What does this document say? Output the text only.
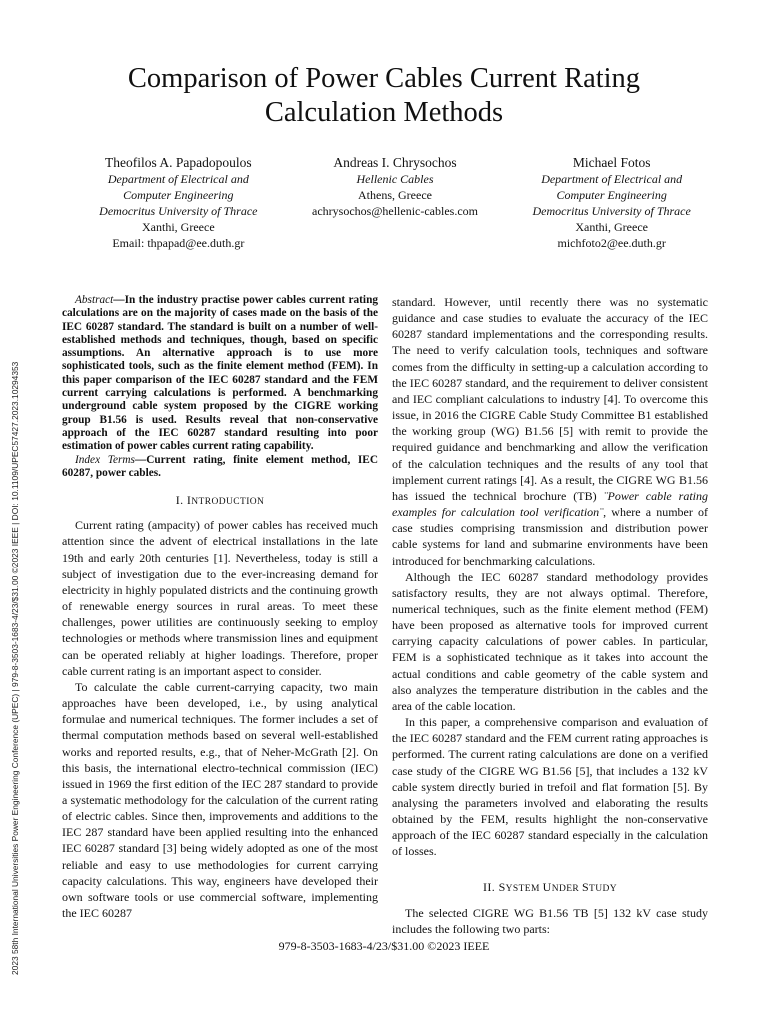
2023 58th International Universities Power Engineering Conference (UPEC) | 979-8-3503-1683-4/23/$31.00 ©2023 IEEE | DOI: 10.1109/UPEC57427.2023.10294353
Comparison of Power Cables Current Rating Calculation Methods
Theofilos A. Papadopoulos
Department of Electrical and
Computer Engineering
Democritus University of Thrace
Xanthi, Greece
Email: thpapad@ee.duth.gr
Andreas I. Chrysochos
Hellenic Cables
Athens, Greece
achrysochos@hellenic-cables.com
Michael Fotos
Department of Electrical and
Computer Engineering
Democritus University of Thrace
Xanthi, Greece
michfoto2@ee.duth.gr

Abstract—In the industry practise power cables current rating calculations are on the majority of cases made on the basis of the IEC 60287 standard. The standard is built on a number of well-established methods and techniques, though, based on specific assumptions. An alternative approach is to use more sophisticated tools, such as the finite element method (FEM). In this paper comparison of the IEC 60287 standard and the FEM current carrying calculations is performed. A benchmarking underground cable system proposed by the CIGRE working group B1.56 is used. Results reveal that non-conservative approach of the IEC 60287 standard resulting into poor estimation of power cables current rating capability.

Index Terms—Current rating, finite element method, IEC 60287, power cables.

I. INTRODUCTION

Current rating (ampacity) of power cables has received much attention since the advent of electrical installations in the late 19th and early 20th centuries [1]. Nevertheless, today is still a subject of investigation due to the ever-increasing demand for electricity in highly populated districts and the continuing growth of renewable energy sources in rural areas. To meet these challenges, power utilities are continuously seeking to employ technologies or methods where transmission lines and equipment can be operated reliably at higher loadings. Therefore, proper cable current rating is an important aspect to consider.

To calculate the cable current-carrying capacity, two main approaches have been developed, i.e., by using analytical formulae and numerical techniques. The former includes a set of thermal computation methods based on several well-established works and reported results, e.g., that of Neher-McGrath [2]. On this basis, the international electro-technical commission (IEC) issued in 1969 the first edition of the IEC 287 standard to provide a systematic methodology for the calculation of the current rating of electric cables. Since then, improvements and additions to the IEC 287 standard have been applied resulting into the enhanced IEC 60287 standard [3] being widely adopted as one of the most reliable and easy to use methodologies for current carrying capacity calculations. This way, engineers have developed their own software tools or use commercial software, implementing the IEC 60287

standard. However, until recently there was no systematic guidance and case studies to evaluate the accuracy of the IEC 60287 standard implementations and the corresponding results. The need to verify calculation tools, techniques and software comes from the difficulty in setting-up a calculation according to the IEC 60287 standard, and the requirement to deliver consistent and IEC compliant calculations to industry [4]. To overcome this issue, in 2016 the CIGRE Cable Study Committee B1 established the working group (WG) B1.56 [5] with remit to provide the required guidance and benchmarking and allow the verification of the calculation techniques and the results of any tool that implement current ratings [4]. As a result, the CIGRE WG B1.56 has issued the technical brochure (TB) ¨Power cable rating examples for calculation tool verification¨, where a number of case studies comprising transmission and distribution power cable systems for land and submarine environments have been introduced for benchmarking calculations.

Although the IEC 60287 standard methodology provides satisfactory results, they are not always optimal. Therefore, numerical techniques, such as the finite element method (FEM) have been proposed as alternative tools for improved current carrying capacity calculations of power cables. In particular, FEM is a sophisticated technique as it takes into account the actual conditions and cable geometry of the cable system and also analyzes the temperature distribution in the cables and the area of the cable location.

In this paper, a comprehensive comparison and evaluation of the IEC 60287 standard and the FEM current rating approaches is performed. The current rating calculations are done on a verified case study of the CIGRE WG B1.56 [5], that includes a 132 kV cable system directly buried in trefoil and flat formation [5]. By analysing the parameters involved and elaborating the results obtained by the FEM, results highlight the non-conservative approach of the IEC 60287 standard especially in the calculation of losses.

II. SYSTEM UNDER STUDY

The selected CIGRE WG B1.56 TB [5] 132 kV case study includes the following two parts:

979-8-3503-1683-4/23/$31.00 ©2023 IEEE
